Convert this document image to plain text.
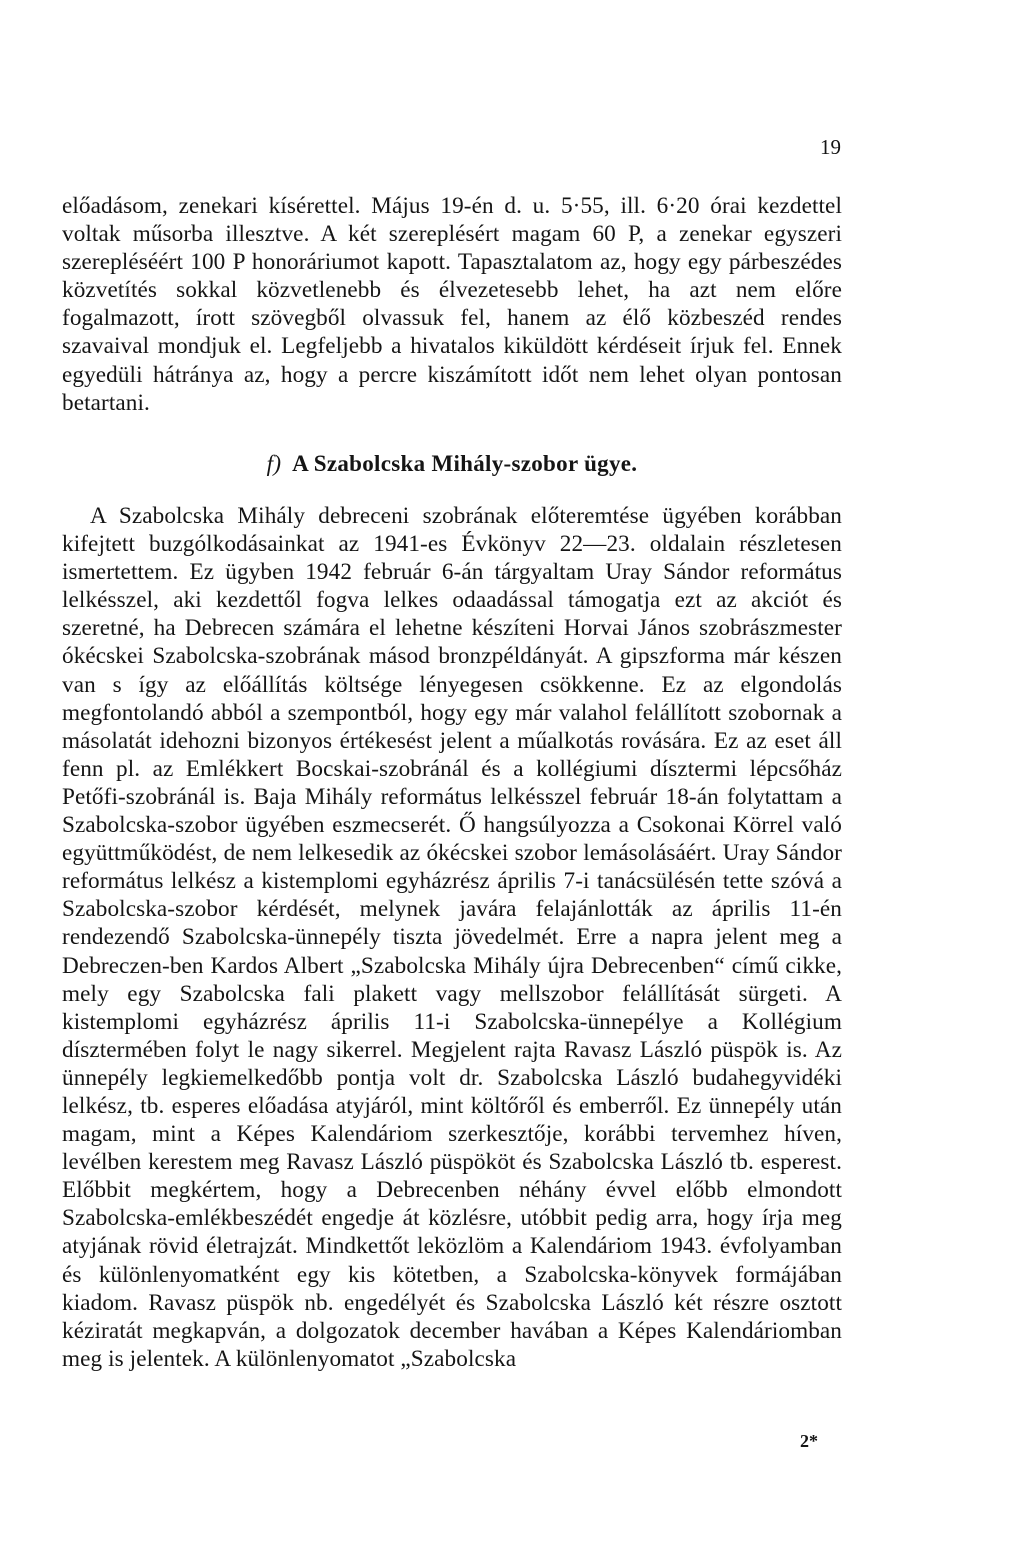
19

előadásom, zenekari kísérettel. Május 19-én d. u. 5·55, ill. 6·20 órai kezdettel voltak műsorba illesztve. A két szereplésért magam 60 P, a zenekar egyszeri szerepléséért 100 P honoráriumot kapott. Tapasztalatom az, hogy egy párbeszédes közvetítés sokkal közvetlenebb és élvezetesebb lehet, ha azt nem előre fogalmazott, írott szövegből olvassuk fel, hanem az élő közbeszéd rendes szavaival mondjuk el. Legfeljebb a hivatalos kiküldött kérdéseit írjuk fel. Ennek egyedüli hátránya az, hogy a percre kiszámított időt nem lehet olyan pontosan betartani.

f) A Szabolcska Mihály-szobor ügye.

A Szabolcska Mihály debreceni szobrának előteremtése ügyében korábban kifejtett buzgólkodásainkat az 1941-es Évkönyv 22—23. oldalain részletesen ismertettem. Ez ügyben 1942 február 6-án tárgyaltam Uray Sándor református lelkésszel, aki kezdettől fogva lelkes odaadással támogatja ezt az akciót és szeretné, ha Debrecen számára el lehetne készíteni Horvai János szobrászmester ókécskei Szabolcska-szobrának másod bronzpéldányát. A gipszforma már készen van s így az előállítás költsége lényegesen csökkenne. Ez az elgondolás megfontolandó abból a szempontból, hogy egy már valahol felállított szobornak a másolatát idehozni bizonyos értékesést jelent a műalkotás rovására. Ez az eset áll fenn pl. az Emlékkert Bocskai-szobránál és a kollégiumi dísztermi lépcsőház Petőfi-szobránál is. Baja Mihály református lelkésszel február 18-án folytattam a Szabolcska-szobor ügyében eszmecserét. Ő hangsúlyozza a Csokonai Körrel való együttműködést, de nem lelkesedik az ókécskei szobor lemásolásáért. Uray Sándor református lelkész a kistemplomi egyházrész április 7-i tanácsülésén tette szóvá a Szabolcska-szobor kérdését, melynek javára felajánlották az április 11-én rendezendő Szabolcska-ünnepély tiszta jövedelmét. Erre a napra jelent meg a Debreczen-ben Kardos Albert „Szabolcska Mihály újra Debrecenben“ című cikke, mely egy Szabolcska fali plakett vagy mellszobor felállítását sürgeti. A kistemplomi egyházrész április 11-i Szabolcska-ünnepélye a Kollégium dísztermében folyt le nagy sikerrel. Megjelent rajta Ravasz László püspök is. Az ünnepély legkiemelkedőbb pontja volt dr. Szabolcska László budahegyvidéki lelkész, tb. esperes előadása atyjáról, mint költőről és emberről. Ez ünnepély után magam, mint a Képes Kalendáriom szerkesztője, korábbi tervemhez híven, levélben kerestem meg Ravasz László püspököt és Szabolcska László tb. esperest. Előbbit megkértem, hogy a Debrecenben néhány évvel előbb elmondott Szabolcska-emlékbeszédét engedje át közlésre, utóbbit pedig arra, hogy írja meg atyjának rövid életrajzát. Mindkettőt leközlöm a Kalendáriom 1943. évfolyamban és különlenyomatként egy kis kötetben, a Szabolcska-könyvek formájában kiadom. Ravasz püspök nb. engedélyét és Szabolcska László két részre osztott kéziratát megkapván, a dolgozatok december havában a Képes Kalendáriomban meg is jelentek. A különlenyomatot „Szabolcska

2*
